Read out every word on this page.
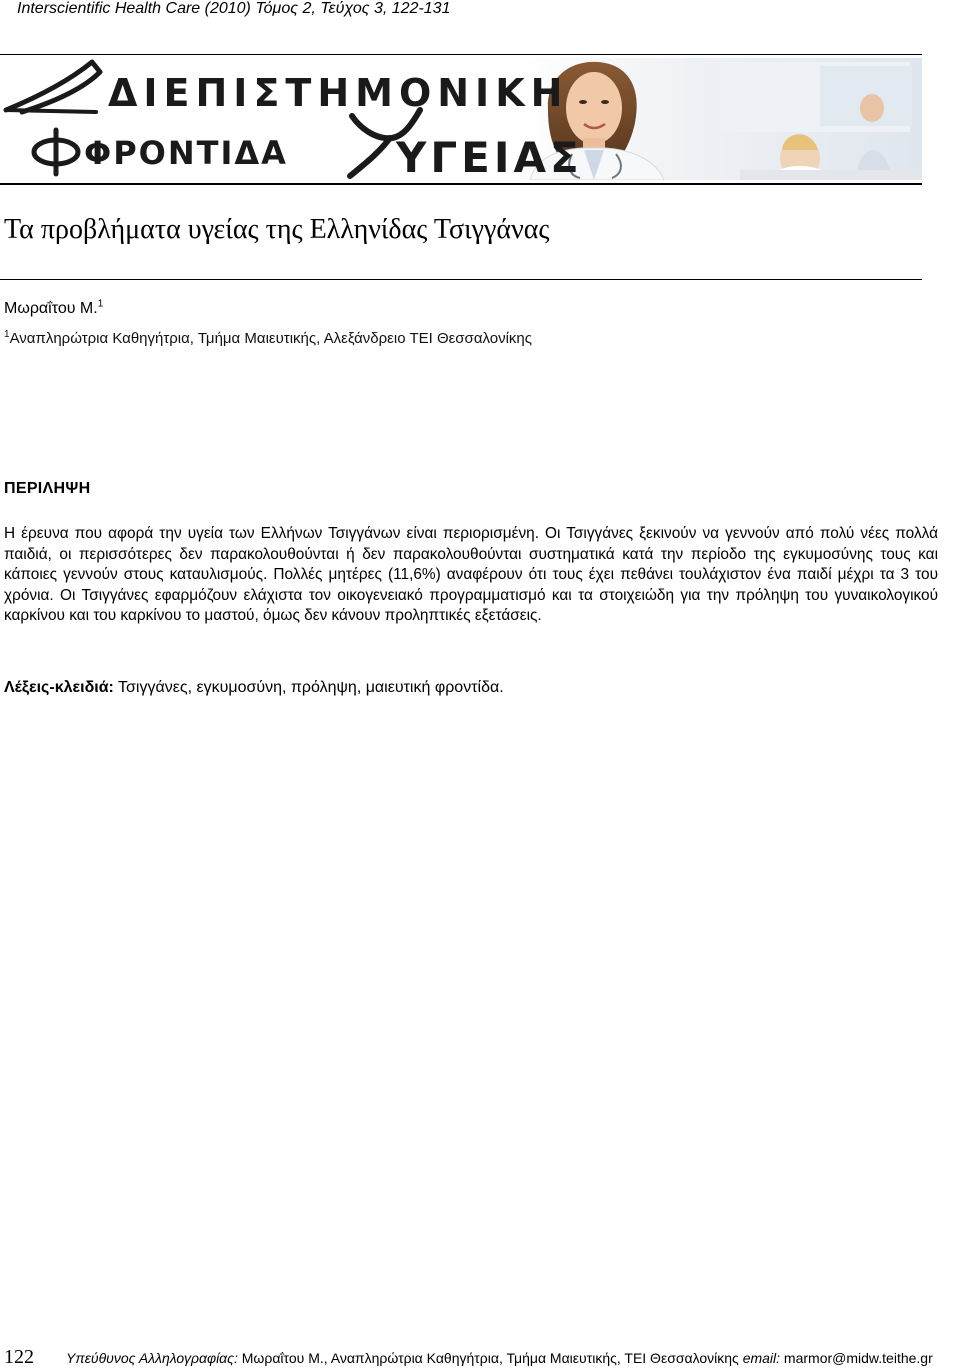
Interscientific Health Care (2010) Τόμος 2, Τεύχος 3, 122-131
ΔΙΕΠΙΣΤΗΜΟΝΙΚΗ
ΦΡΟΝΤΙΔΑ	ΥΓΕΙΑΣ
Τα προβλήματα υγείας της Ελληνίδας Τσιγγάνας
Μωραΐτου Μ.$^1$
$^1$Αναπληρώτρια Καθηγήτρια, Τμήμα Μαιευτικής, Αλεξάνδρειο ΤΕΙ Θεσσαλονίκης
ΠΕΡΙΛΗΨΗ
Η έρευνα που αφορά την υγεία των Ελλήνων Τσιγγάνων είναι περιορισμένη. Οι Τσιγγάνες ξεκινούν να γεννούν από πολύ νέες πολλά παιδιά, οι περισσότερες δεν παρακολουθούνται ή δεν παρακολουθούνται συστηματικά κατά την περίοδο της εγκυμοσύνης τους και κάποιες γεννούν στους καταυλισμούς. Πολλές μητέρες (11,6%) αναφέρουν ότι τους έχει πεθάνει τουλάχιστον ένα παιδί μέχρι τα 3 του χρόνια. Οι Τσιγγάνες εφαρμόζουν ελάχιστα τον οικογενειακό προγραμματισμό και τα στοιχειώδη για την πρόληψη του γυναικολογικού καρκίνου και του καρκίνου το μαστού, όμως δεν κάνουν προληπτικές εξετάσεις.
Λέξεις-κλειδιά: Τσιγγάνες, εγκυμοσύνη, πρόληψη, μαιευτική φροντίδα.
122 Υπεύθυνος Αλληλογραφίας: Μωραΐτου Μ., Αναπληρώτρια Καθηγήτρια, Τμήμα Μαιευτικής, ΤΕΙ Θεσσαλονίκης email: marmor@midw.teithe.gr
